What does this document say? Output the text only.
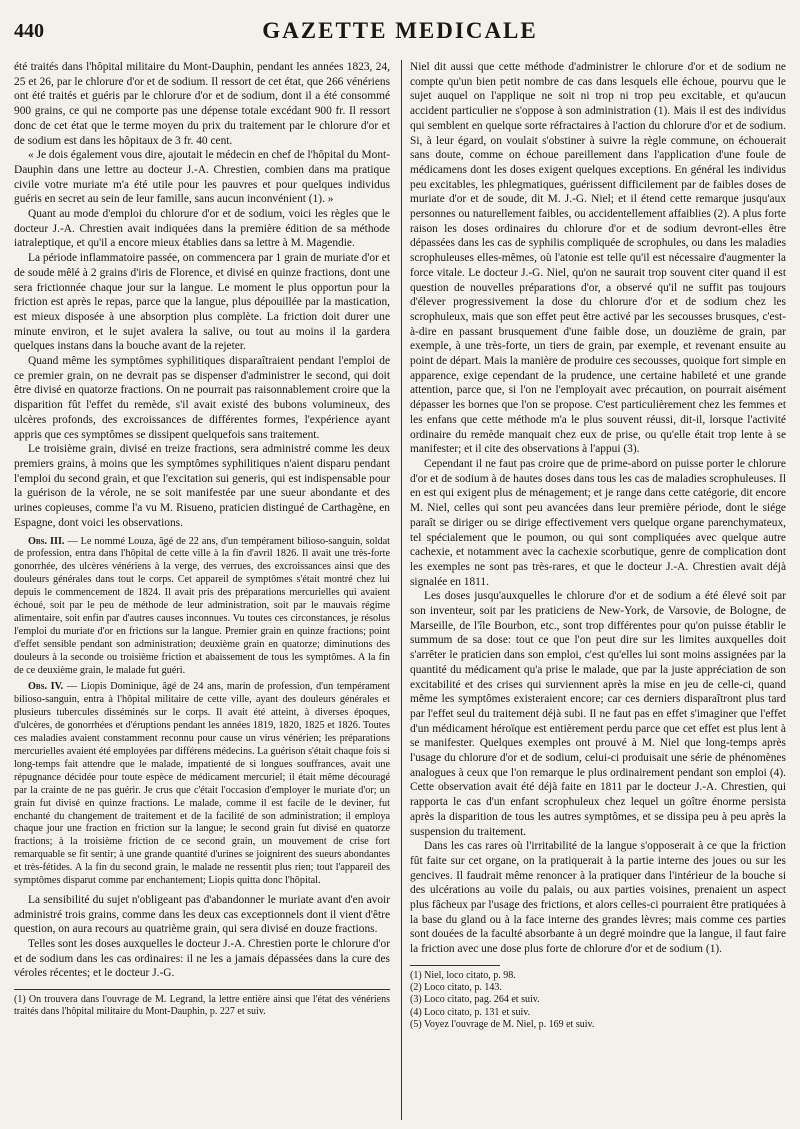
GAZETTE MEDICALE
440

été traités dans l'hôpital militaire du Mont-Dauphin, pendant les années 1823, 24, 25 et 26, par le chlorure d'or et de sodium. Il ressort de cet état, que 266 vénériens ont été traités et guéris par le chlorure d'or et de sodium, dont il a été consommé 900 grains, ce qui ne comporte pas une dépense totale excédant 900 fr. Il ressort donc de cet état que le terme moyen du prix du traitement par le chlorure d'or et de sodium est dans les hôpitaux de 3 fr. 40 cent.

« Je dois également vous dire, ajoutait le médecin en chef de l'hôpital du Mont-Dauphin dans une lettre au docteur J.-A. Chrestien, combien dans ma pratique civile votre muriate m'a été utile pour les pauvres et pour quelques individus guéris en secret au sein de leur famille, sans aucun inconvénient (1). »

Quant au mode d'emploi du chlorure d'or et de sodium, voici les règles que le docteur J.-A. Chrestien avait indiquées dans la première édition de sa méthode iatraleptique, et qu'il a encore mieux établies dans sa lettre à M. Magendie.

La période inflammatoire passée, on commencera par 1 grain de muriate d'or et de soude mêlé à 2 grains d'iris de Florence, et divisé en quinze fractions, dont une sera frictionnée chaque jour sur la langue. Le moment le plus opportun pour la friction est après le repas, parce que la langue, plus dépouillée par la mastication, est mieux disposée à une absorption plus complète. La friction doit durer une minute environ, et le sujet avalera la salive, ou tout au moins il la gardera quelques instans dans la bouche avant de la rejeter.

Quand même les symptômes syphilitiques disparaîtraient pendant l'emploi de ce premier grain, on ne devrait pas se dispenser d'administrer le second, qui doit être divisé en quatorze fractions. On ne pourrait pas raisonnablement croire que la disparition fût l'effet du remède, s'il avait existé des bubons volumineux, des ulcères profonds, des excroissances de différentes formes, l'expérience ayant appris que ces symptômes se dissipent quelquefois sans traitement.

Le troisième grain, divisé en treize fractions, sera administré comme les deux premiers grains, à moins que les symptômes syphilitiques n'aient disparu pendant l'emploi du second grain, et que l'excitation sui generis, qui est indispensable pour la guérison de la vérole, ne se soit manifestée par une sueur abondante et des urines copieuses, comme l'a vu M. Risueno, praticien distingué de Carthagène, en Espagne, dont voici les observations.

Obs. III. — Le nommé Louza, âgé de 22 ans, d'un tempérament bilioso-sanguin, soldat de profession, entra dans l'hôpital de cette ville à la fin d'avril 1826. Il avait une très-forte gonorrhée, des ulcères vénériens à la verge, des verrues, des excroissances ainsi que des douleurs générales dans tout le corps. Cet appareil de symptômes s'était montré chez lui depuis le commencement de 1824. Il avait pris des préparations mercurielles qui avaient échoué, soit par le peu de méthode de leur administration, soit par le mauvais régime alimentaire, soit enfin par d'autres causes inconnues. Vu toutes ces circonstances, je résolus l'emploi du muriate d'or en frictions sur la langue. Premier grain en quinze fractions; point d'effet sensible pendant son administration; deuxième grain en quatorze; diminutions des douleurs à la seconde ou troisième friction et abaissement de tous les symptômes. A la fin de ce deuxième grain, le malade fut guéri.

Obs. IV. — Liopis Dominique, âgé de 24 ans, marin de profession, d'un tempérament bilioso-sanguin, entra à l'hôpital militaire de cette ville, ayant des douleurs générales et plusieurs tubercules disséminés sur le corps. Il avait été atteint, à diverses époques, d'ulcères, de gonorrhées et d'éruptions pendant les années 1819, 1820, 1825 et 1826. Toutes ces maladies avaient constamment reconnu pour cause un virus vénérien; les préparations mercurielles avaient été employées par différens médecins. La guérison s'était chaque fois si long-temps fait attendre que le malade, impatienté de si longues souffrances, avait une répugnance décidée pour toute espèce de médicament mercuriel; il était même découragé par la crainte de ne pas guérir. Je crus que c'était l'occasion d'employer le muriate d'or; un grain fut divisé en quinze fractions. Le malade, comme il est facile de le deviner, fut enchanté du changement de traitement et de la facilité de son administration; il employa chaque jour une fraction en friction sur la langue; le second grain fut divisé en quatorze fractions; à la troisième friction de ce second grain, un mouvement de crise fort remarquable se fit sentir; à une grande quantité d'urines se joignirent des sueurs abondantes et très-fétides. A la fin du second grain, le malade ne ressentit plus rien; tout l'appareil des symptômes disparut comme par enchantement; Liopis quitta donc l'hôpital.

La sensibilité du sujet n'obligeant pas d'abandonner le muriate avant d'en avoir administré trois grains, comme dans les deux cas exceptionnels dont il vient d'être question, on aura recours au quatrième grain, qui sera divisé en douze fractions.

Telles sont les doses auxquelles le docteur J.-A. Chrestien porte le chlorure d'or et de sodium dans les cas ordinaires: il ne les a jamais dépassées dans la cure des véroles récentes; et le docteur J.-G.

(1) On trouvera dans l'ouvrage de M. Legrand, la lettre entière ainsi que l'état des vénériens traités dans l'hôpital militaire du Mont-Dauphin, p. 227 et suiv.

Niel dit aussi que cette méthode d'administrer le chlorure d'or et de sodium ne compte qu'un bien petit nombre de cas dans lesquels elle échoue, pourvu que le sujet auquel on l'applique ne soit ni trop ni trop peu excitable, et qu'aucun accident particulier ne s'oppose à son administration (1). Mais il est des individus qui semblent en quelque sorte réfractaires à l'action du chlorure d'or et de sodium. Si, à leur égard, on voulait s'obstiner à suivre la règle commune, on échouerait sans doute, comme on échoue pareillement dans l'application d'une foule de médicamens dont les doses exigent quelques exceptions. En général les individus peu excitables, les phlegmatiques, guérissent difficilement par de faibles doses de muriate d'or et de soude, dit M. J.-G. Niel; et il étend cette remarque jusqu'aux personnes ou naturellement faibles, ou accidentellement affaiblies (2). A plus forte raison les doses ordinaires du chlorure d'or et de sodium devront-elles être dépassées dans les cas de syphilis compliquée de scrophules, ou dans les maladies scrophuleuses elles-mêmes, où l'atonie est telle qu'il est nécessaire d'augmenter la force vitale. Le docteur J.-G. Niel, qu'on ne saurait trop souvent citer quand il est question de nouvelles préparations d'or, a observé qu'il ne suffit pas toujours d'élever progressivement la dose du chlorure d'or et de sodium chez les scrophuleux, mais que son effet peut être activé par les secousses brusques, c'est-à-dire en passant brusquement d'une faible dose, un douzième de grain, par exemple, à une très-forte, un tiers de grain, par exemple, et revenant ensuite au point de départ. Mais la manière de produire ces secousses, quoique fort simple en apparence, exige cependant de la prudence, une certaine habileté et une grande attention, parce que, si l'on ne l'employait avec précaution, on pourrait aisément dépasser les bornes que l'on se propose. C'est particulièrement chez les femmes et les enfans que cette méthode m'a le plus souvent réussi, dit-il, lorsque l'activité ordinaire du remède manquait chez eux de prise, ou qu'elle était trop lente à se manifester; et il cite des observations à l'appui (3).

Cependant il ne faut pas croire que de prime-abord on puisse porter le chlorure d'or et de sodium à de hautes doses dans tous les cas de maladies scrophuleuses. Il en est qui exigent plus de ménagement; et je range dans cette catégorie, dit encore M. Niel, celles qui sont peu avancées dans leur première période, dont le siége paraît se diriger ou se dirige effectivement vers quelque organe parenchymateux, tel spécialement que le poumon, ou qui sont compliquées avec quelque autre cachexie, et notamment avec la cachexie scorbutique, genre de complication dont les exemples ne sont pas très-rares, et que le docteur J.-A. Chrestien avait déjà signalée en 1811.

Les doses jusqu'auxquelles le chlorure d'or et de sodium a été élevé soit par son inventeur, soit par les praticiens de New-York, de Varsovie, de Bologne, de Marseille, de l'île Bourbon, etc., sont trop différentes pour qu'on puisse établir le summum de sa dose: tout ce que l'on peut dire sur les limites auxquelles doit s'arrêter le praticien dans son emploi, c'est qu'elles lui sont moins assignées par la quantité du médicament qu'a prise le malade, que par la juste appréciation de son excitabilité et des crises qui surviennent après la mise en jeu de celle-ci, quand même les symptômes existeraient encore; car ces derniers disparaîtront plus tard par l'effet seul du traitement déjà subi. Il ne faut pas en effet s'imaginer que l'effet d'un médicament héroïque est entièrement perdu parce que cet effet est plus lent à se manifester. Quelques exemples ont prouvé à M. Niel que long-temps après l'usage du chlorure d'or et de sodium, celui-ci produisait une série de phénomènes analogues à ceux que l'on remarque le plus ordinairement pendant son emploi (4). Cette observation avait été déjà faite en 1811 par le docteur J.-A. Chrestien, qui rapporta le cas d'un enfant scrophuleux chez lequel un goître énorme persista après la disparition de tous les autres symptômes, et se dissipa peu à peu après la suspension du traitement.

Dans les cas rares où l'irritabilité de la langue s'opposerait à ce que la friction fût faite sur cet organe, on la pratiquerait à la partie interne des joues ou sur les gencives. Il faudrait même renoncer à la pratiquer dans l'intérieur de la bouche si des ulcérations au voile du palais, ou aux parties voisines, prenaient un aspect plus fâcheux par l'usage des frictions, et alors celles-ci pourraient être pratiquées à la base du gland ou à la face interne des grandes lèvres; mais comme ces parties sont douées de la faculté absorbante à un degré moindre que la langue, il faut faire la friction avec une dose plus forte de chlorure d'or et de sodium (1).

(1) Niel, loco citato, p. 98.

(2) Loco citato, p. 143.

(3) Loco citato, pag. 264 et suiv.

(4) Loco citato, p. 131 et suiv.

(5) Voyez l'ouvrage de M. Niel, p. 169 et suiv.
